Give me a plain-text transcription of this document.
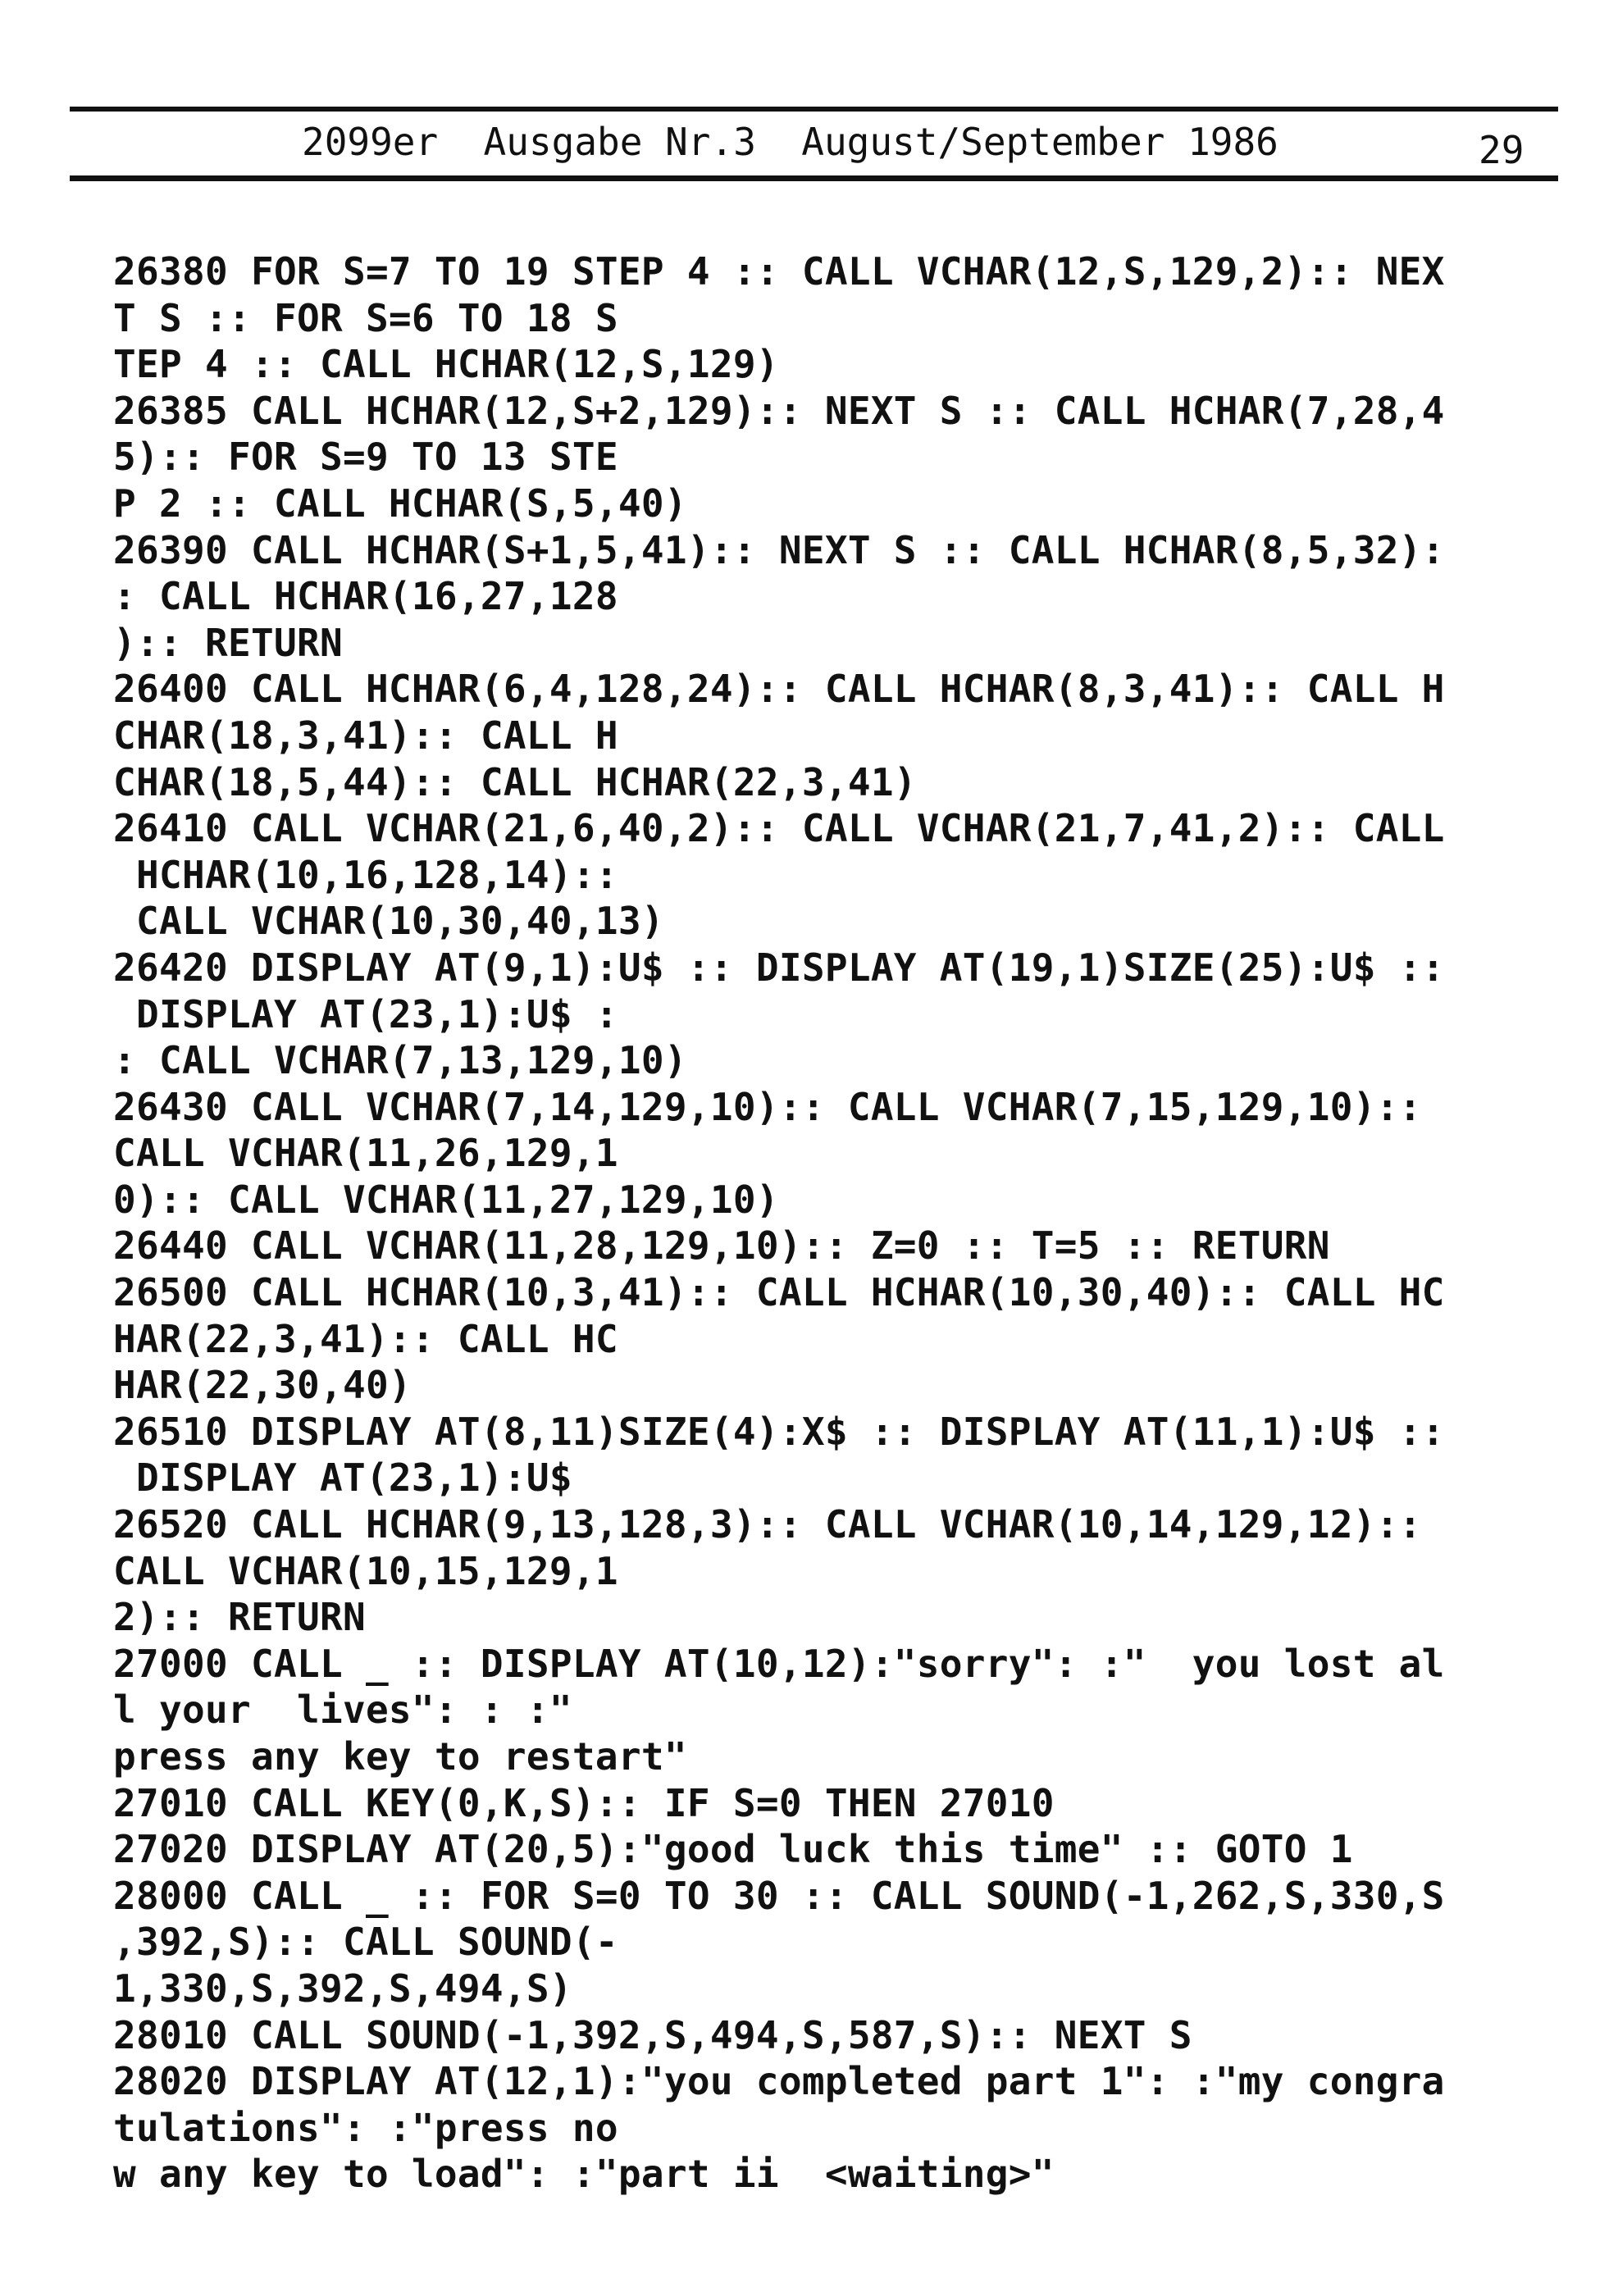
2099er  Ausgabe Nr.3  August/September 1986	29
26380 FOR S=7 TO 19 STEP 4 :: CALL VCHAR(12,S,129,2):: NEX
T S :: FOR S=6 TO 18 S
TEP 4 :: CALL HCHAR(12,S,129)
26385 CALL HCHAR(12,S+2,129):: NEXT S :: CALL HCHAR(7,28,4
5):: FOR S=9 TO 13 STE
P 2 :: CALL HCHAR(S,5,40)
26390 CALL HCHAR(S+1,5,41):: NEXT S :: CALL HCHAR(8,5,32):
: CALL HCHAR(16,27,128
):: RETURN
26400 CALL HCHAR(6,4,128,24):: CALL HCHAR(8,3,41):: CALL H
CHAR(18,3,41):: CALL H
CHAR(18,5,44):: CALL HCHAR(22,3,41)
26410 CALL VCHAR(21,6,40,2):: CALL VCHAR(21,7,41,2):: CALL
HCHAR(10,16,128,14)::
CALL VCHAR(10,30,40,13)
26420 DISPLAY AT(9,1):U$ :: DISPLAY AT(19,1)SIZE(25):U$ ::
DISPLAY AT(23,1):U$ :
: CALL VCHAR(7,13,129,10)
26430 CALL VCHAR(7,14,129,10):: CALL VCHAR(7,15,129,10)::
CALL VCHAR(11,26,129,1
0):: CALL VCHAR(11,27,129,10)
26440 CALL VCHAR(11,28,129,10):: Z=0 :: T=5 :: RETURN
26500 CALL HCHAR(10,3,41):: CALL HCHAR(10,30,40):: CALL HC
HAR(22,3,41):: CALL HC
HAR(22,30,40)
26510 DISPLAY AT(8,11)SIZE(4):X$ :: DISPLAY AT(11,1):U$ ::
DISPLAY AT(23,1):U$
26520 CALL HCHAR(9,13,128,3):: CALL VCHAR(10,14,129,12)::
CALL VCHAR(10,15,129,1
2):: RETURN
27000 CALL _ :: DISPLAY AT(10,12):"sorry": :"  you lost al
l your  lives": : :"
press any key to restart"
27010 CALL KEY(0,K,S):: IF S=0 THEN 27010
27020 DISPLAY AT(20,5):"good luck this time" :: GOTO 1
28000 CALL _ :: FOR S=0 TO 30 :: CALL SOUND(-1,262,S,330,S
,392,S):: CALL SOUND(-
1,330,S,392,S,494,S)
28010 CALL SOUND(-1,392,S,494,S,587,S):: NEXT S
28020 DISPLAY AT(12,1):"you completed part 1": :"my congra
tulations": :"press no
w any key to load": :"part ii  <waiting>"
